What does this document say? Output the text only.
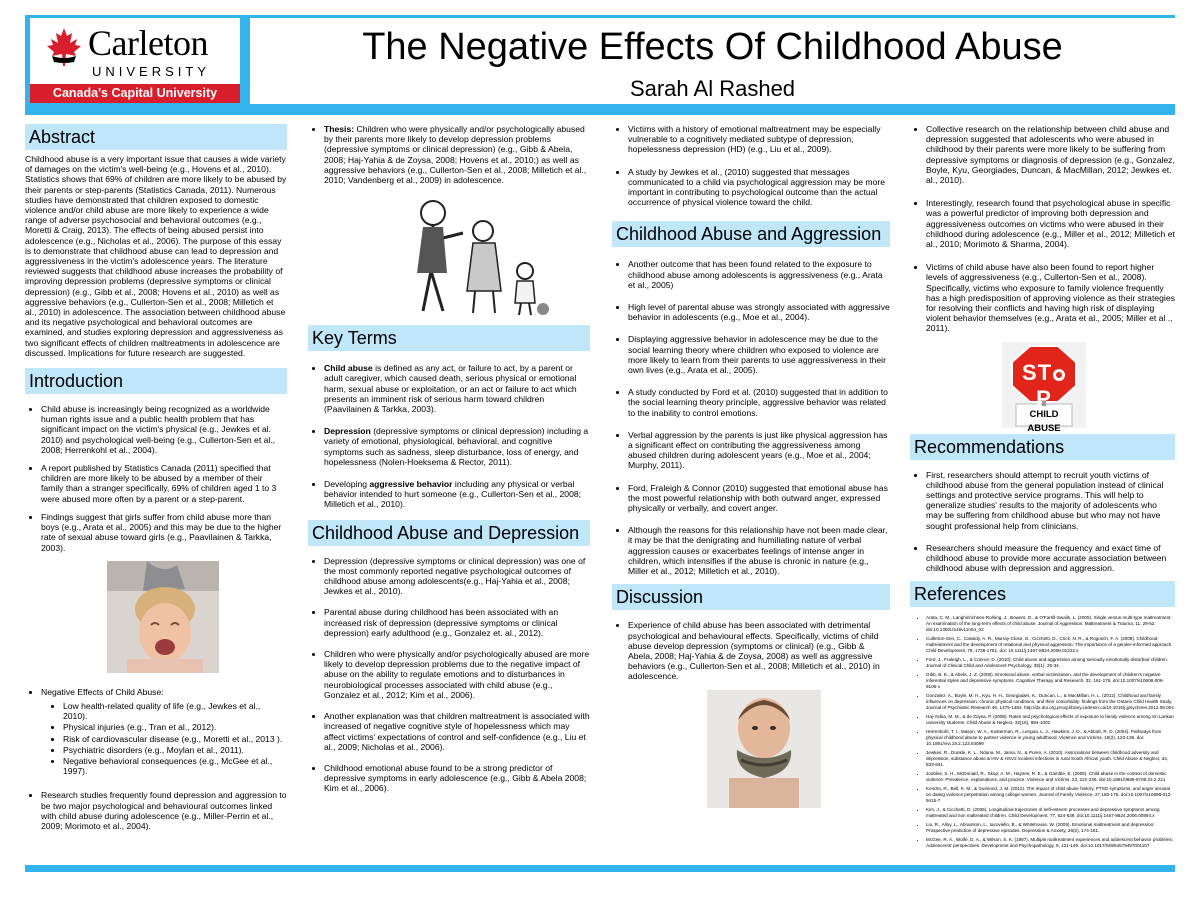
Carleton
UNIVERSITY
Canada's Capital University
The Negative Effects Of Childhood Abuse
Sarah Al Rashed
Abstract
Childhood abuse is a very important issue that causes a wide variety of damages on the victim's well-being (e.g., Hovens et al., 2010). Statistics shows that 69% of children are more likely to be abused by their parents or step-parents (Statistics Canada, 2011). Numerous studies have demonstrated that children exposed to domestic violence and/or child abuse are more likely to experience a wide range of adverse psychosocial and behavioral outcomes (e.g., Moretti & Craig, 2013). The effects of being abused persist into adolescence (e.g., Nicholas et al., 2006). The purpose of this essay is to demonstrate that childhood abuse can lead to depression and aggressiveness in the victim's adolescence years. The literature reviewed suggests that childhood abuse increases the probability of improving depression problems (depressive symptoms or clinical depression) (e.g., Gibb et al., 2008; Hovens et al., 2010) as well as aggressive behaviors (e.g., Cullerton-Sen et al., 2008; Milletich et al., 2010) in adolescence. The association between childhood abuse and its negative psychological and behavioral outcomes are examined, and studies exploring depression and aggressiveness as two significant effects of children maltreatments in adolescence are discussed. Implications for future research are suggested.
Introduction
• Child abuse is increasingly being recognized as a worldwide human rights issue and a public health problem that has significant impact on the victim's physical (e.g., Jewkes et al. 2010) and psychological well-being (e.g., Cullerton-Sen et al., 2008; Herrenkohl et al., 2004).
• A report published by Statistics Canada (2011) specified that children are more likely to be abused by a member of their family than a stranger specifically, 69% of children aged 1 to 3 were abused more often by a parent or a step-parent.
• Findings suggest that girls suffer from child abuse more than boys (e.g., Arata et al., 2005) and this may be due to the higher rate of sexual abuse toward girls (e.g., Paavilainen & Tarkka, 2003).
• Negative Effects of Child Abuse:
• Low health-related quality of life (e.g., Jewkes et al., 2010).
• Physical injuries (e.g., Tran et al., 2012).
• Risk of cardiovascular disease (e.g., Moretti et al., 2013 ).
• Psychiatric disorders (e.g., Moylan et al., 2011).
• Negative behavioral consequences (e.g., McGee et al., 1997).
• Research studies frequently found depression and aggression to be two major psychological and behavioural outcomes linked with child abuse during adolescence (e.g., Miller-Perrin et al., 2009; Morimoto et al., 2004).
• Thesis: Children who were physically and/or psychologically abused by their parents more likely to develop depression problems (depressive symptoms or clinical depression) (e.g., Gibb & Abela, 2008; Haj-Yahia & de Zoysa, 2008; Hovens et al., 2010;) as well as aggressive behaviors (e.g., Cullerton-Sen et al., 2008; Milletich et al., 2010; Vandenberg et al., 2009) in adolescence.
Key Terms
• Child abuse is defined as any act, or failure to act, by a parent or adult caregiver, which caused death, serious physical or emotional harm, sexual abuse or exploitation, or an act or failure to act which presents an imminent risk of serious harm toward children (Paavilainen & Tarkka, 2003).
• Depression (depressive symptoms or clinical depression) including a variety of emotional, physiological, behavioral, and cognitive symptoms such as sadness, sleep disturbance, loss of energy, and hopelessness (Nolen-Hoeksema & Rector, 2011).
• Developing aggressive behavior including any physical or verbal behavior intended to hurt someone (e.g., Cullerton-Sen et al., 2008; Milletich et al., 2010).
Childhood Abuse and Depression
• Depression (depressive symptoms or clinical depression) was one of the most commonly reported negative psychological outcomes of childhood abuse among adolescents(e.g., Haj-Yahia et al., 2008; Jewkes et al., 2010).
• Parental abuse during childhood has been associated with an increased risk of depression (depressive symptoms or clinical depression) early adulthood (e.g., Gonzalez et. al., 2012).
• Children who were physically and/or psychologically abused are more likely to develop depression problems due to the negative impact of abuse on the ability to regulate emotions and to disturbances in neurobiological processes associated with child abuse (e.g., Gonzalez et al., 2012; Kim et al., 2006).
• Another explanation was that children maltreatment is associated with increased of negative cognitive style of hopelessness which may affect victims' expectations of control and self-confidence (e.g., Liu et al., 2009; Nicholas et al., 2006).
• Childhood emotional abuse found to be a strong predictor of depressive symptoms in early adolescence (e.g., Gibb & Abela 2008; Kim et al., 2006).
• Victims with a history of emotional maltreatment may be especially vulnerable to a cognitively mediated subtype of depression, hopelessness depression (HD) (e.g., Liu et al., 2009).
• A study by Jewkes et al., (2010) suggested that messages communicated to a child via psychological aggression may be more important in contributing to psychological outcome than the actual occurrence of physical violence toward the child.
Childhood Abuse and Aggression
• Another outcome that has been found related to the exposure to childhood abuse among adolescents is aggressiveness (e.g., Arata et al., 2005)
• High level of parental abuse was strongly associated with aggressive behavior in adolescents (e.g., Moe et al., 2004).
• Displaying aggressive behavior in adolescence may be due to the social learning theory where children who exposed to violence are more likely to learn from their parents to use aggressiveness in their own lives (e.g., Arata et al., 2005).
• A study conducted by Ford et al. (2010) suggested that in addition to the social learning theory principle, aggressive behavior was related to the inability to control emotions.
• Verbal aggression by the parents is just like physical aggression has a significant effect on contributing the aggressiveness among abused children during adolescent years (e.g., Moe et al., 2004; Murphy, 2011).
• Ford, Fraleigh & Connor (2010) suggested that emotional abuse has the most powerful relationship with both outward anger, expressed physically or verbally, and covert anger.
• Although the reasons for this relationship have not been made clear, it may be that the denigrating and humiliating nature of verbal aggression causes or exacerbates feelings of intense anger in children, which intensifies if the abuse is chronic in nature (e.g., Miller et al., 2012; Milletich et al., 2010).
Discussion
• Experience of child abuse has been associated with detrimental psychological and behavioural effects. Specifically, victims of child abuse develop depression (symptoms or clinical) (e.g., Gibb & Abela, 2008; Haj-Yahia & de Zoysa, 2008) as well as aggressive behaviors (e.g., Cullerton-Sen et al., 2008; Milletich et al., 2010) in adolescence.
• Collective research on the relationship between child abuse and depression suggested that adolescents who were abused in childhood by their parents were more likely to be suffering from depressive symptoms or diagnosis of depression (e.g., Gonzalez, Boyle, Kyu, Georgiades, Duncan, & MacMillan, 2012; Jewkes et. al., 2010).
• Interestingly, research found that psychological abuse in specific was a powerful predictor of improving both depression and aggressiveness outcomes on victims who were abused in their childhood during adolescence (e.g., Miller et al., 2012; Milletich et al., 2010; Morimoto & Sharma, 2004).
• Victims of child abuse have also been found to report higher levels of aggressiveness (e.g., Cullerton-Sen et al., 2008). Specifically, victims who exposure to family violence frequently has a high predisposition of approving violence as their strategies for resolving their conflicts and having high risk of displaying violent behavior themselves (e.g., Arata et al., 2005; Miller et al ., 2011).
STP
CHILD ABUSE
Recommendations
• First, researchers should attempt to recruit youth victims of childhood abuse from the general population instead of clinical settings and protective service programs. This will help to generalize studies' results to the majority of adolescents who may be suffering from childhood abuse but who may not have sought professional help from clinicians.
• Researchers should measure the frequency and exact time of childhood abuse to provide more accurate association between childhood abuse with depression and aggression.
References
• Arata, C. M., Langhinrichsen-Rohling, J., Bowers, D., & O'Farrill-Swails, L. (2005). Single versus multi-type maltreatment: An examination of the long-term effects of child abuse. Journal of Aggression, Maltreatment & Trauma, 11, 29-52. doi:10.1300/J146v11n04_02
• Cullerton-Sen, C., Cassidy, A. R., Murray-Close, D., Cicchetti, D., Crick, N. R., & Rogosch, F. A. (2008). Childhood maltreatment and the development of relational and physical aggression: The importance of a gender-informed approach. Child Development, 79, 1736-1751. doi: 10.1111/j.1467-8624.2008.01222.x
• Ford, J., Fraleigh, L., & Connor, D. (2010). Child abuse and aggression among seriously emotionally disturbed children. Journal of Clinical Child and Adolescent Psychology, 39(1), 25-34.
• Gibb, B. E., & Abela, J. Z. (2008). Emotional abuse, verbal victimization, and the development of children's negative inferential styles and depressive symptoms. Cognitive Therapy and Research, 32, 161-176. doi:10.1007/s10608-006-9106-x
• Gonzalez, A., Boyle, M. H., Kyu, H. H., Georgiades, K., Duncan, L., & MacMillan, H. L. (2012). Childhood and family influences on depression, chronic physical conditions, and their comorbidity: findings from the Ontario Child Health Study. Journal of Psychiatric Research 46, 1475-1482. http://dx.doi.org.proxy.library.carleton.ca/10.1016/j.jpsychires.2012.08.004
• Haj-Yahia, M. M., & de Zoysa, P. (2008). Rates and psychological effects of exposure to family violence among Sri Lankan university students. Child Abuse & Neglect, 32(10), 994-1002
• Herrenkohl, T. I., Mason, W. A., Kosterman, R., Lengua, L. J., Hawkins, J. D., & Abbott, R. D. (2004). Pathways from physical childhood abuse to partner violence in young adulthood. Violence and Victims, 19(2), 123-136. doi: 10.1891/vivi.19.2.123.64099
• Jewkes, R., Dunkle, K. L., Nduna, M., Jama, N., & Puren, A. (2010). Associations between childhood adversity and depression, substance abuse & HIV & HSV2 incident infections in rural South African youth. Child Abuse & Neglect, 34, 833-841.
• Joubles, S. H., McDonald, R., Skop, A. M., Haynes, R. E., & Gamble, E. (2005). Child abuse in the context of domestic violence: Prevalence, explanations, and practice. Violence and Victims, 23, 221-235. doi:10.1891/0886-6708.23.2.221
• Kendra, R., Bell, K. M., & Guimond, J. M. (2012). The impact of child abuse history, PTSD symptoms, and anger arousal on dating violence perpetration among college women. Journal of Family Violence, 27,165-175. doi:10.1007/s10896-012-9415-7
• Kim, J., & Cicchetti, D. (2006). Longitudinal trajectories of self-esteem processes and depressive symptoms among maltreated and non maltreated children. Child Development, 77, 624-639. doi:10.1111/j.1467-8624.2006.00894.x
• Liu, R., Alloy, L., Abramson, L., Iacoviello, B., & Whitehouse, W. (2009). Emotional maltreatment and depression: Prospective prediction of depressive episodes. Depression & Anxiety, 26(2), 174-181.
• McGee, R. A., Wolfe, D. A., & Wilson, S. K. (1997). Multiple maltreatment experiences and adolescent behavior problems: Adolescents' perspectives. Development and Psychopathology, 9, 131-149. doi:10.1017/S0954579497001107
